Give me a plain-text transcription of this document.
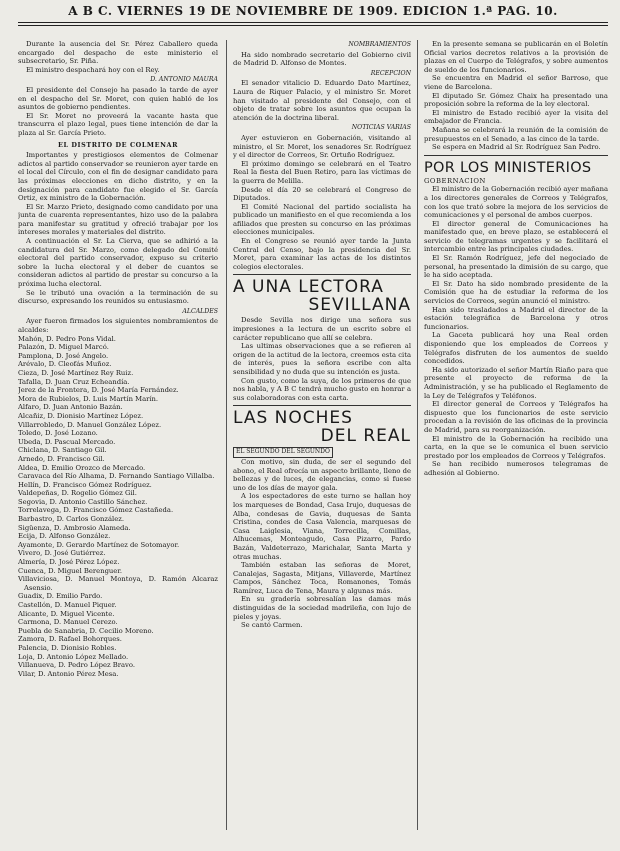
A B C. VIERNES 19 DE NOVIEMBRE DE 1909. EDICION 1.ª PAG. 10.

Durante la ausencia del Sr. Pérez Caballero queda encargado del despacho de este ministerio el subsecretario, Sr. Piña.

El ministro despachará hoy con el Rey.

D. ANTONIO MAURA

El presidente del Consejo ha pasado la tarde de ayer en el despacho del Sr. Moret, con quien habló de los asuntos de gobierno pendientes.

El Sr. Moret no proveerá la vacante hasta que transcurra el plazo legal, pues tiene intención de dar la plaza al Sr. García Prieto.

EL DISTRITO DE COLMENAR

Importantes y prestigiosos elementos de Colmenar adictos al partido conservador se reunieron ayer tarde en el local del Círculo, con el fin de designar candidato para las próximas elecciones en dicho distrito, y en la designación para candidato fue elegido el Sr. García Ortiz, ex ministro de la Gobernación.

El Sr. Marzo Prieto, designado como candidato por una junta de cuarenta representantes, hizo uso de la palabra para manifestar su gratitud y ofreció trabajar por los intereses morales y materiales del distrito.

A continuación el Sr. La Cierva, que se adhirió a la candidatura del Sr. Marzo, como delegado del Comité electoral del partido conservador, expuso su criterio sobre la lucha electoral y el deber de cuantos se consideran adictos al partido de prestar su concurso a la próxima lucha electoral.

Se le tributó una ovación a la terminación de su discurso, expresando los reunidos su entusiasmo.

ALCALDES

Ayer fueron firmados los siguientes nombramientos de alcaldes:

Mahón, D. Pedro Pons Vidal.
Palazón, D. Miguel Marcó.
Pamplona, D. José Angelo.
Arévalo, D. Cleofás Muñoz.
Cieza, D. José Martínez Rey Ruiz.
Tafalla, D. Juan Cruz Echeandía.
Jerez de la Frontera, D. José María Fernández.
Mora de Rubielos, D. Luis Martín Marín.
Alfaro, D. Juan Antonio Bazán.
Alcañiz, D. Dionisio Martínez López.
Villarrobledo, D. Manuel González López.
Toledo, D. José Lozano.
Ubeda, D. Pascual Mercado.
Chiclana, D. Santiago Gil.
Arnedo, D. Francisco Gil.
Aldea, D. Emilio Orozco de Mercado.
Caravaca del Río Alhama, D. Fernando Santiago Villalba.
Hellín, D. Francisco Gómez Rodríguez.
Valdepeñas, D. Rogelio Gómez Gil.
Segovia, D. Antonio Castillo Sánchez.
Torrelavega, D. Francisco Gómez Castañeda.
Barbastro, D. Carlos González.
Sigüenza, D. Ambrosio Alameda.
Ecija, D. Alfonso González.
Ayamonte, D. Gerardo Martínez de Sotomayor.
Vivero, D. José Gutiérrez.
Almería, D. José Pérez López.
Cuenca, D. Miguel Berenguer.
Villaviciosa, D. Manuel Montoya, D. Ramón Alcaraz Asensio.
Guadix, D. Emilio Pardo.
Castellón, D. Manuel Piquer.
Alicante, D. Miguel Vicente.
Carmona, D. Manuel Cerezo.
Puebla de Sanabria, D. Cecilio Moreno.
Zamora, D. Rafael Bohorques.
Palencia, D. Dionisio Robles.
Loja, D. Antonio López Mellado.
Villanueva, D. Pedro López Bravo.
Vilar, D. Antonio Pérez Mesa.
NOMBRAMIENTOS

Ha sido nombrado secretario del Gobierno civil de Madrid D. Alfonso de Montes.

RECEPCION

El senador vitalicio D. Eduardo Dato Martínez, Laura de Riquer Palacio, y el ministro Sr. Moret han visitado al presidente del Consejo, con el objeto de tratar sobre los asuntos que ocupan la atención de la doctrina liberal.

NOTICIAS VARIAS

Ayer estuvieron en Gobernación, visitando al ministro, el Sr. Moret, los senadores Sr. Rodríguez y el director de Correos, Sr. Ortuño Rodríguez.

El próximo domingo se celebrará en el Teatro Real la fiesta del Buen Retiro, para las víctimas de la guerra de Melilla.

Desde el día 20 se celebrará el Congreso de Diputados.

El Comité Nacional del partido socialista ha publicado un manifiesto en el que recomienda a los afiliados que presten su concurso en las próximas elecciones municipales.

En el Congreso se reunió ayer tarde la Junta Central del Censo, bajo la presidencia del Sr. Moret, para examinar las actas de los distintos colegios electorales.

A UNA LECTORA
SEVILLANA

Desde Sevilla nos dirige una señora sus impresiones a la lectura de un escrito sobre el carácter republicano que allí se celebra.

Las ultimas observaciones que a se refieren al origen de la actitud de la lectora, creemos esta cita de interés, pues la señora escribe con alta sensibilidad y no duda que su intención es justa.

Con gusto, como la suya, de los primeros de que nos habla, y A B C tendrá mucho gusto en honrar a sus colaboradoras con esta carta.

LAS NOCHES
DEL REAL

EL SEGUNDO DEL SEGUNDO

Con motivo, sin duda, de ser el segundo del abono, el Real ofrecía un aspecto brillante, lleno de bellezas y de luces, de elegancias, como si fuese uno de los días de mayor gala.

A los espectadores de este turno se hallan hoy los marqueses de Bondad, Casa Irujo, duquesas de Alba, condesas de Gavia, duquesas de Santa Cristina, condes de Casa Valencia, marquesas de Casa Laiglesia, Viana, Torrecilla, Comillas, Alhucemas, Monteagudo, Casa Pizarro, Pardo Bazán, Valdeterrazo, Marichalar, Santa Marta y otras muchas.

También estaban las señoras de Moret, Canalejas, Sagasta, Mitjans, Villaverde, Martínez Campos, Sánchez Toca, Romanones, Tomás Ramírez, Luca de Tena, Maura y algunas más.

En su gradería sobresalían las damas más distinguidas de la sociedad madrileña, con lujo de pieles y joyas.

Se cantó Carmen.

En la presente semana se publicarán en el Boletín Oficial varios decretos relativos a la provisión de plazas en el Cuerpo de Telégrafos, y sobre aumentos de sueldo de los funcionarios.

Se encuentra en Madrid el señor Barroso, que viene de Barcelona.

El diputado Sr. Gómez Chaix ha presentado una proposición sobre la reforma de la ley electoral.

El ministro de Estado recibió ayer la visita del embajador de Francia.

Mañana se celebrará la reunión de la comisión de presupuestos en el Senado, a las cinco de la tarde.

Se espera en Madrid al Sr. Rodríguez San Pedro.

POR LOS MINISTERIOS

GOBERNACION

El ministro de la Gobernación recibió ayer mañana a los directores generales de Correos y Telégrafos, con los que trató sobre la mejora de los servicios de comunicaciones y el personal de ambos cuerpos.

El director general de Comunicaciones ha manifestado que, en breve plazo, se establecerá el servicio de telegramas urgentes y se facilitará el intercambio entre las principales ciudades.

El Sr. Ramón Rodríguez, jefe del negociado de personal, ha presentado la dimisión de su cargo, que le ha sido aceptada.

El Sr. Dato ha sido nombrado presidente de la Comisión que ha de estudiar la reforma de los servicios de Correos, según anunció el ministro.

Han sido trasladados a Madrid el director de la estación telegráfica de Barcelona y otros funcionarios.

La Gaceta publicará hoy una Real orden disponiendo que los empleados de Correos y Telégrafos disfruten de los aumentos de sueldo concedidos.

Ha sido autorizado el señor Martín Riaño para que presente el proyecto de reforma de la Administración, y se ha publicado el Reglamento de la Ley de Telégrafos y Teléfonos.

El director general de Correos y Telégrafos ha dispuesto que los funcionarios de este servicio procedan a la revisión de las oficinas de la provincia de Madrid, para su reorganización.

El ministro de la Gobernación ha recibido una carta, en la que se le comunica el buen servicio prestado por los empleados de Correos y Telégrafos.

Se han recibido numerosos telegramas de adhesión al Gobierno.
